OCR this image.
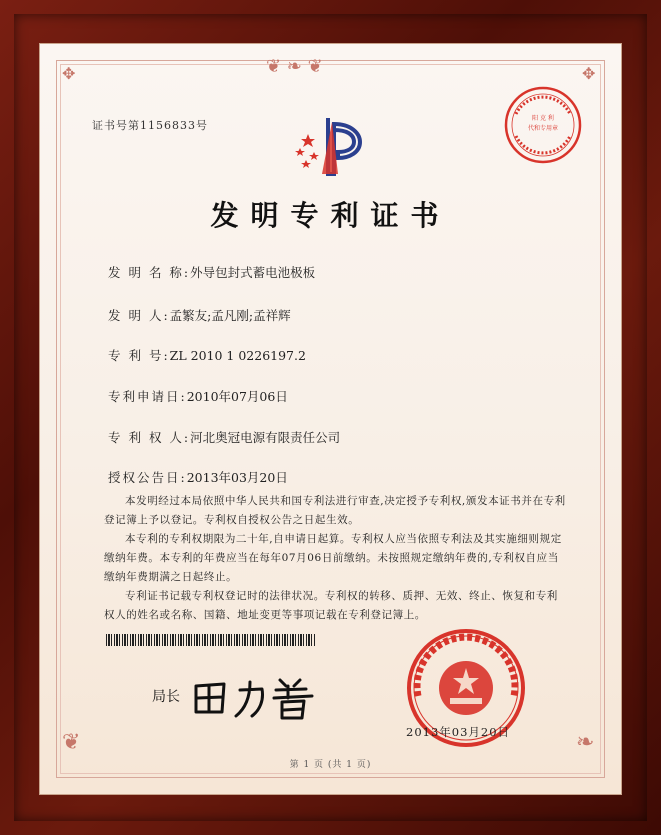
❦ ❧ ❦
❦	❧
✥	✥
证书号第1156833号
阳 克 利
代和专用章
发明专利证书
发 明 名 称:外导包封式蓄电池极板
发 明 人:孟繁友;孟凡刚;孟祥辉
专 利 号:ZL 2010 1 0226197.2
专利申请日:2010年07月06日
专 利 权 人:河北奥冠电源有限责任公司
授权公告日:2013年03月20日

本发明经过本局依照中华人民共和国专利法进行审查,决定授予专利权,颁发本证书并在专利登记簿上予以登记。专利权自授权公告之日起生效。

本专利的专利权期限为二十年,自申请日起算。专利权人应当依照专利法及其实施细则规定缴纳年费。本专利的年费应当在每年07月06日前缴纳。未按照规定缴纳年费的,专利权自应当缴纳年费期满之日起终止。

专利证书记载专利权登记时的法律状况。专利权的转移、质押、无效、终止、恢复和专利权人的姓名或名称、国籍、地址变更等事项记载在专利登记簿上。

局长
2013年03月20日
第 1 页 (共 1 页)
